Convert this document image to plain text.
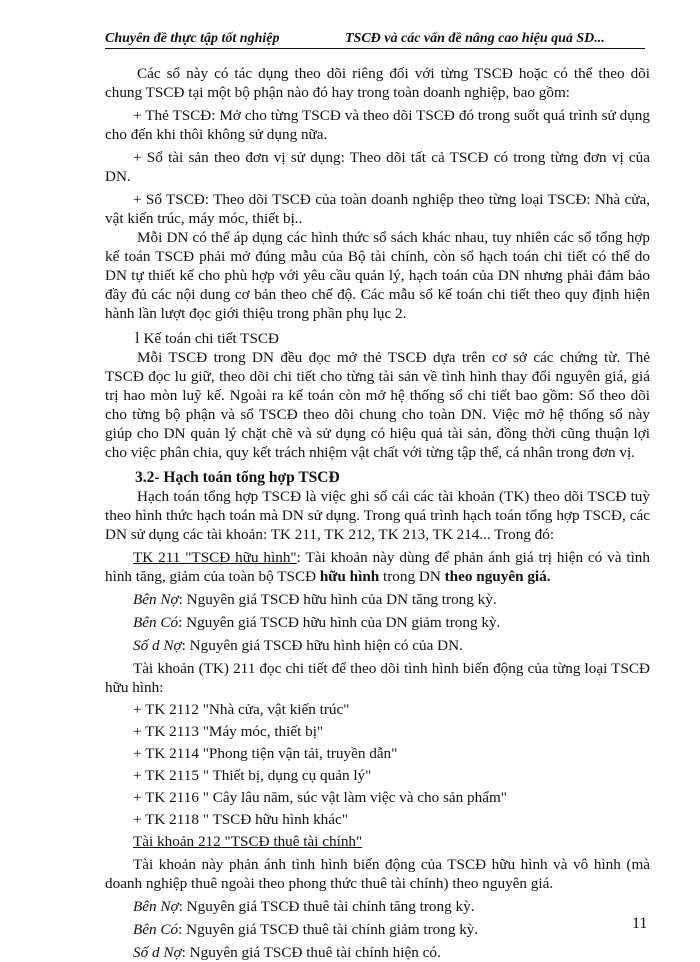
Chuyên đề thực tập tốt nghiệp	TSCĐ và các vấn đề nâng cao hiệu quả SD...

Các sổ này có tác dụng theo dõi riêng đối với từng TSCĐ hoặc có thể theo dõi chung TSCĐ tại một bộ phận nào đó hay trong toàn doanh nghiệp, bao gồm:

+ Thẻ TSCĐ: Mở cho từng TSCĐ và theo dõi TSCĐ đó trong suốt quá trình sử dụng cho đến khi thôi không sử dụng nữa.

+ Sổ tài sản theo đơn vị sử dụng: Theo dõi tất cả TSCĐ có trong từng đơn vị của DN.

+ Sổ TSCĐ: Theo dõi TSCĐ của toàn doanh nghiệp theo từng loại TSCĐ: Nhà cửa, vật kiến trúc, máy móc, thiết bị..

Mỗi DN có thể áp dụng các hình thức sổ sách khác nhau, tuy nhiên các sổ tổng hợp kế toán TSCĐ phải mở đúng mẫu của Bộ tài chính, còn sổ hạch toán chi tiết có thể do DN tự thiết kế cho phù hợp với yêu cầu quản lý, hạch toán của DN nhưng phải đảm bảo đầy đủ các nội dung cơ bản theo chế độ. Các mẫu sổ kế toán chi tiết theo quy định hiện hành lần lượt đọc giới thiệu trong phần phụ lục 2.

l Kế toán chi tiết TSCĐ

Mỗi TSCĐ trong DN đều đọc mở thẻ TSCĐ dựa trên cơ sở các chứng từ. Thẻ TSCĐ đọc lu giữ, theo dõi chi tiết cho từng tài sản về tình hình thay đổi nguyên giá, giá trị hao mòn luỹ kế. Ngoài ra kế toán còn mở hệ thống sổ chi tiết bao gồm: Sổ theo dõi cho từng bộ phận và sổ TSCĐ theo dõi chung cho toàn DN. Việc mở hệ thống sổ này giúp cho DN quản lý chặt chẽ và sử dụng có hiệu quả tài sản, đồng thời cũng thuận lợi cho việc phân chia, quy kết trách nhiệm vật chất với từng tập thể, cá nhân trong đơn vị.

3.2- Hạch toán tổng hợp TSCĐ

Hạch toán tổng hợp TSCĐ là việc ghi sổ cái các tài khoản (TK) theo dõi TSCĐ tuỳ theo hình thức hạch toán mà DN sử dụng. Trong quá trình hạch toán tổng hợp TSCĐ, các DN sử dụng các tài khoản: TK 211, TK 212, TK 213, TK 214... Trong đó:

TK 211 "TSCĐ hữu hình": Tài khoản này dùng để phản ánh giá trị hiện có và tình hình tăng, giảm của toàn bộ TSCĐ hữu hình trong DN theo nguyên giá.

Bên Nợ: Nguyên giá TSCĐ hữu hình của DN tăng trong kỳ.

Bên Có: Nguyên giá TSCĐ hữu hình của DN giảm trong kỳ.

Số d Nợ: Nguyên giá TSCĐ hữu hình hiện có của DN.

Tài khoản (TK) 211 đọc chi tiết để theo dõi tình hình biến động của từng loại TSCĐ hữu hình:

+ TK 2112 "Nhà cửa, vật kiến trúc"

+ TK 2113 "Máy móc, thiết bị"

+ TK 2114 "Phong tiện vận tải, truyền dẫn"

+ TK 2115 " Thiết bị, dụng cụ quản lý"

+ TK 2116 " Cây lâu năm, súc vật làm việc và cho sản phẩm"

+ TK 2118 " TSCĐ hữu hình khác"

Tài khoản 212 "TSCĐ thuê tài chính"

Tài khoản này phản ánh tình hình biến động của TSCĐ hữu hình và vô hình (mà doanh nghiệp thuê ngoài theo phong thức thuê tài chính) theo nguyên giá.

Bên Nợ: Nguyên giá TSCĐ thuê tài chính tăng trong kỳ.

Bên Có: Nguyên giá TSCĐ thuê tài chính giảm trong kỳ.

Số d Nợ: Nguyên giá TSCĐ thuê tài chính hiện có.

11
